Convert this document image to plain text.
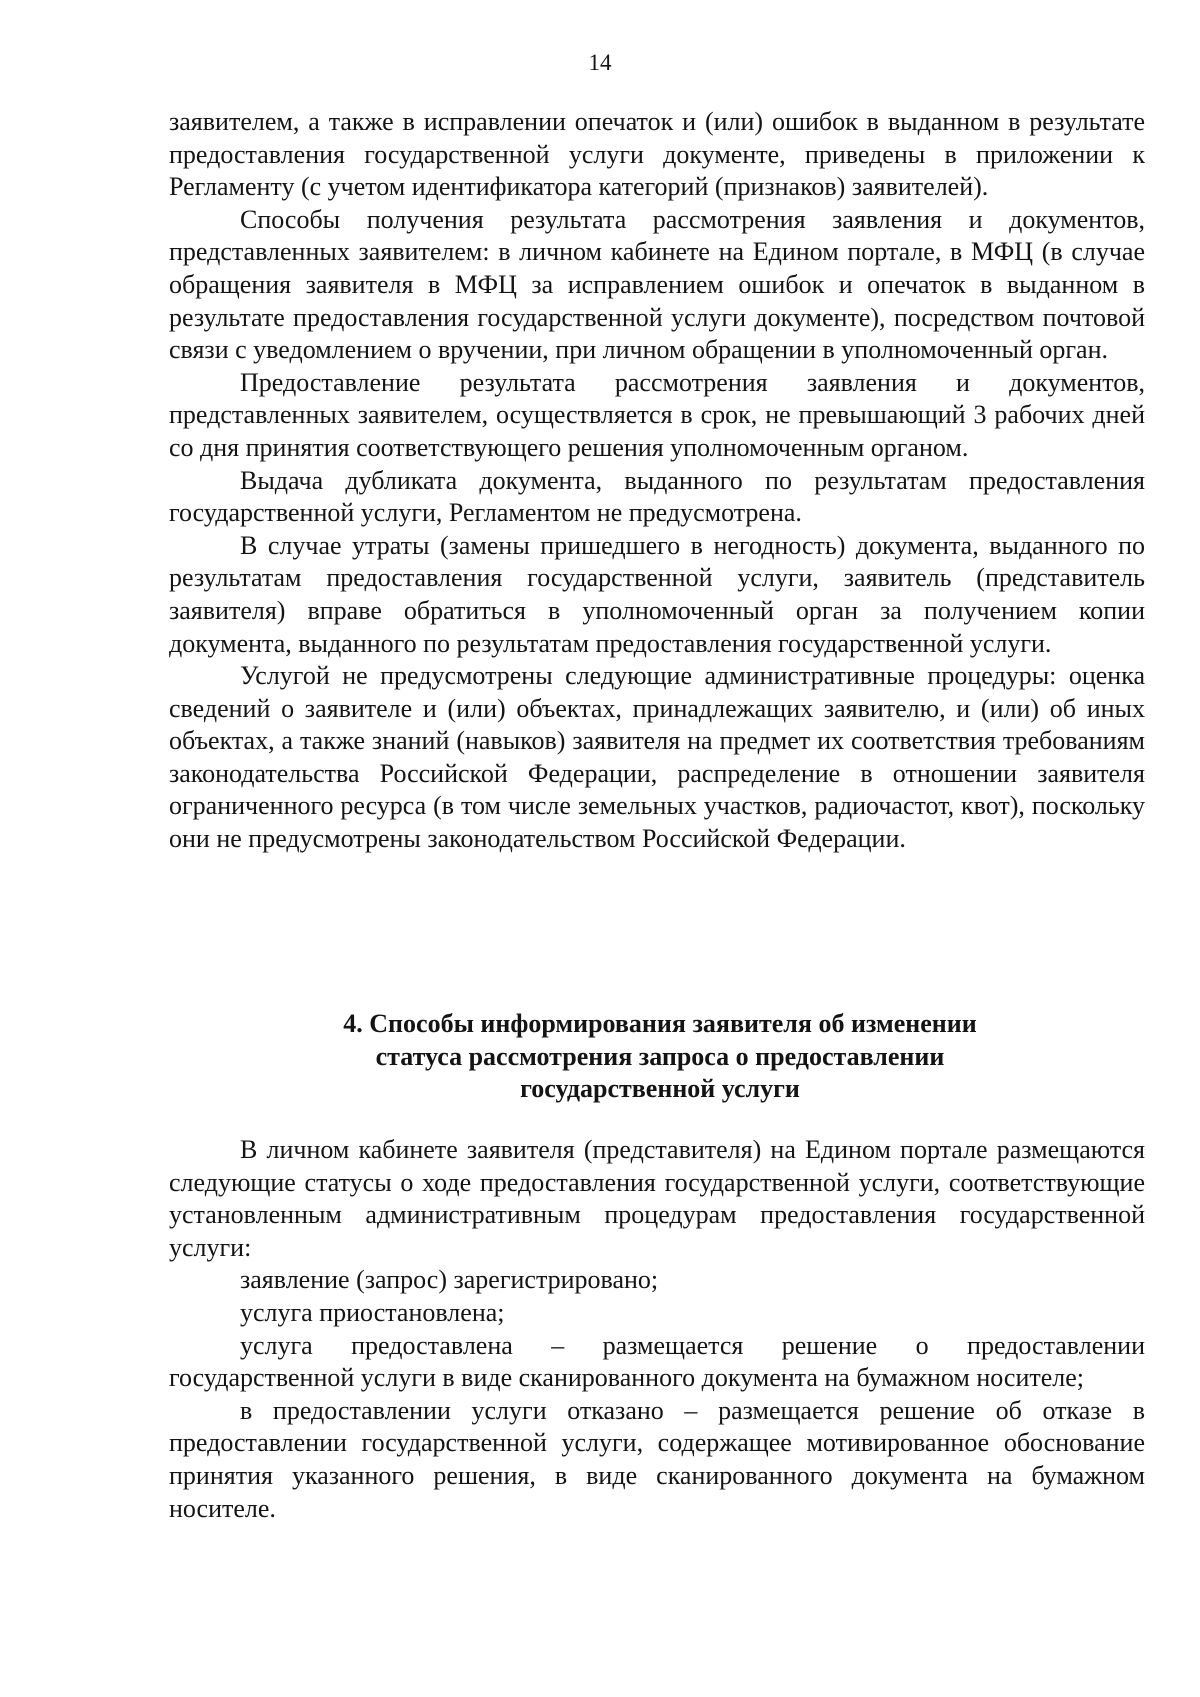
14

заявителем, а также в исправлении опечаток и (или) ошибок в выданном в результате предоставления государственной услуги документе, приведены в приложении к Регламенту (с учетом идентификатора категорий (признаков) заявителей).

Способы получения результата рассмотрения заявления и документов, представленных заявителем: в личном кабинете на Едином портале, в МФЦ (в случае обращения заявителя в МФЦ за исправлением ошибок и опечаток в выданном в результате предоставления государственной услуги документе), посредством почтовой связи с уведомлением о вручении, при личном обращении в уполномоченный орган.

Предоставление результата рассмотрения заявления и документов, представленных заявителем, осуществляется в срок, не превышающий 3 рабочих дней со дня принятия соответствующего решения уполномоченным органом.

Выдача дубликата документа, выданного по результатам предоставления государственной услуги, Регламентом не предусмотрена.

В случае утраты (замены пришедшего в негодность) документа, выданного по результатам предоставления государственной услуги, заявитель (представитель заявителя) вправе обратиться в уполномоченный орган за получением копии документа, выданного по результатам предоставления государственной услуги.

Услугой не предусмотрены следующие административные процедуры: оценка сведений о заявителе и (или) объектах, принадлежащих заявителю, и (или) об иных объектах, а также знаний (навыков) заявителя на предмет их соответствия требованиям законодательства Российской Федерации, распределение в отношении заявителя ограниченного ресурса (в том числе земельных участков, радиочастот, квот), поскольку они не предусмотрены законодательством Российской Федерации.

4. Способы информирования заявителя об изменении
статуса рассмотрения запроса о предоставлении
государственной услуги

В личном кабинете заявителя (представителя) на Едином портале размещаются следующие статусы о ходе предоставления государственной услуги, соответствующие установленным административным процедурам предоставления государственной услуги:

заявление (запрос) зарегистрировано;

услуга приостановлена;

услуга предоставлена – размещается решение о предоставлении государственной услуги в виде сканированного документа на бумажном носителе;

в предоставлении услуги отказано – размещается решение об отказе в предоставлении государственной услуги, содержащее мотивированное обоснование принятия указанного решения, в виде сканированного документа на бумажном носителе.
